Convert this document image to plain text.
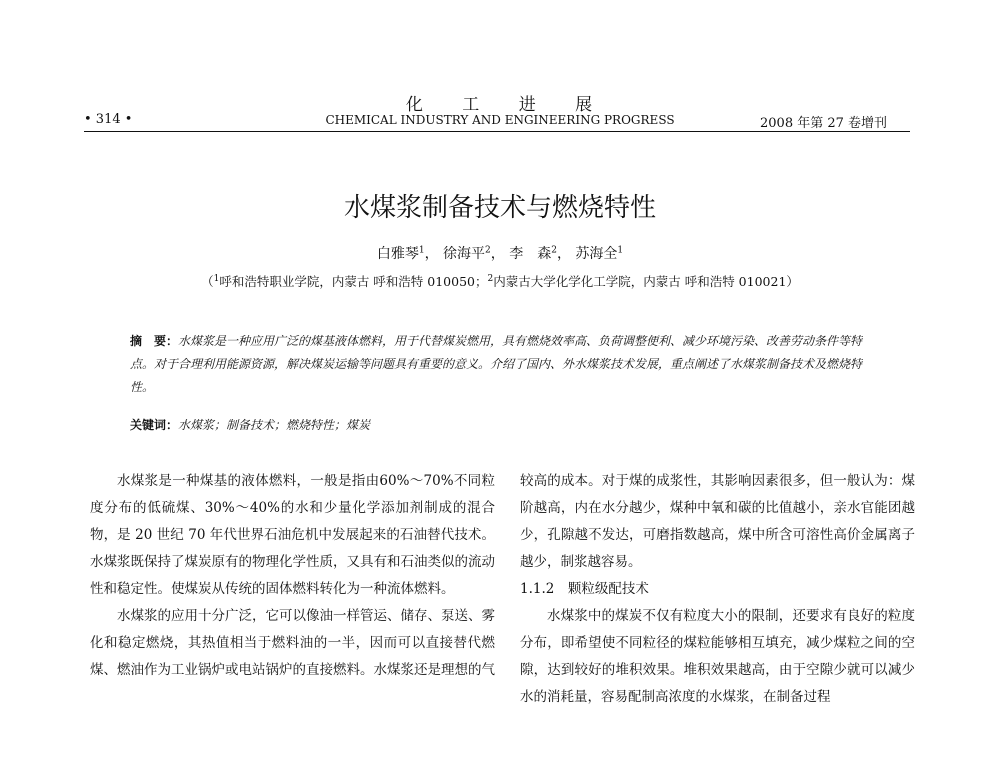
化 工 进 展
• 314 •	CHEMICAL INDUSTRY AND ENGINEERING PROGRESS	2008 年第 27 卷增刊
水煤浆制备技术与燃烧特性
白雅琴$^1$， 徐海平$^2$， 李　森$^2$， 苏海全$^1$
（$^1$呼和浩特职业学院，内蒙古 呼和浩特 010050；$^2$内蒙古大学化学化工学院，内蒙古 呼和浩特 010021）
摘　要：水煤浆是一种应用广泛的煤基液体燃料，用于代替煤炭燃用，具有燃烧效率高、负荷调整便利、减少环境污染、改善劳动条件等特点。对于合理利用能源资源，解决煤炭运输等问题具有重要的意义。介绍了国内、外水煤浆技术发展，重点阐述了水煤浆制备技术及燃烧特性。
关键词：水煤浆；制备技术；燃烧特性；煤炭

水煤浆是一种煤基的液体燃料，一般是指由60%～70%不同粒度分布的低硫煤、30%～40%的水和少量化学添加剂制成的混合物，是 20 世纪 70 年代世界石油危机中发展起来的石油替代技术。水煤浆既保持了煤炭原有的物理化学性质，又具有和石油类似的流动性和稳定性。使煤炭从传统的固体燃料转化为一种流体燃料。

水煤浆的应用十分广泛，它可以像油一样管运、储存、泵送、雾化和稳定燃烧，其热值相当于燃料油的一半，因而可以直接替代燃煤、燃油作为工业锅炉或电站锅炉的直接燃料。水煤浆还是理想的气

较高的成本。对于煤的成浆性，其影响因素很多，但一般认为：煤阶越高，内在水分越少，煤种中氧和碳的比值越小，亲水官能团越少，孔隙越不发达，可磨指数越高，煤中所含可溶性高价金属离子越少，制浆越容易。

1.1.2　颗粒级配技术

水煤浆中的煤炭不仅有粒度大小的限制，还要求有良好的粒度分布，即希望使不同粒径的煤粒能够相互填充，减少煤粒之间的空隙，达到较好的堆积效果。堆积效果越高，由于空隙少就可以减少水的消耗量，容易配制高浓度的水煤浆，在制备过程
